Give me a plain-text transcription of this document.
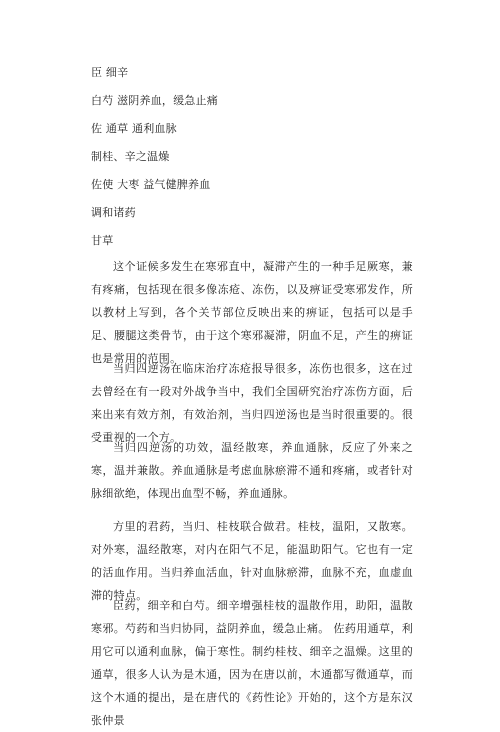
臣 细辛
白芍 滋阴养血，缓急止痛
佐 通草 通利血脉
制桂、辛之温燥
佐使 大枣 益气健脾养血
调和诸药
甘草
这个证候多发生在寒邪直中，凝滞产生的一种手足厥寒，兼有疼痛，包括现在很多像冻疮、冻伤，以及痹证受寒邪发作，所以教材上写到，各个关节部位反映出来的痹证，包括可以是手足、腰腿这类骨节，由于这个寒邪凝滞，阴血不足，产生的痹证也是常用的范围。
当归四逆汤在临床治疗冻疮报导很多，冻伤也很多，这在过去曾经在有一段对外战争当中，我们全国研究治疗冻伤方面，后来出来有效方剂，有效治剂，当归四逆汤也是当时很重要的。很受重视的一个方。
当归四逆汤的功效，温经散寒，养血通脉，反应了外来之寒，温并兼散。养血通脉是考虑血脉瘀滞不通和疼痛，或者针对脉细欲绝，体现出血型不畅，养血通脉。
方里的君药，当归、桂枝联合做君。桂枝，温阳，又散寒。对外寒，温经散寒，对内在阳气不足，能温助阳气。它也有一定的活血作用。当归养血活血，针对血脉瘀滞，血脉不充，血虚血滞的特点。
臣药，细辛和白芍。细辛增强桂枝的温散作用，助阳，温散寒邪。芍药和当归协同，益阴养血，缓急止痛。 佐药用通草，利用它可以通利血脉，偏于寒性。制约桂枝、细辛之温燥。这里的通草，很多人认为是木通，因为在唐以前，木通都写微通草，而这个木通的提出，是在唐代的《药性论》开始的，这个方是东汉张仲景
